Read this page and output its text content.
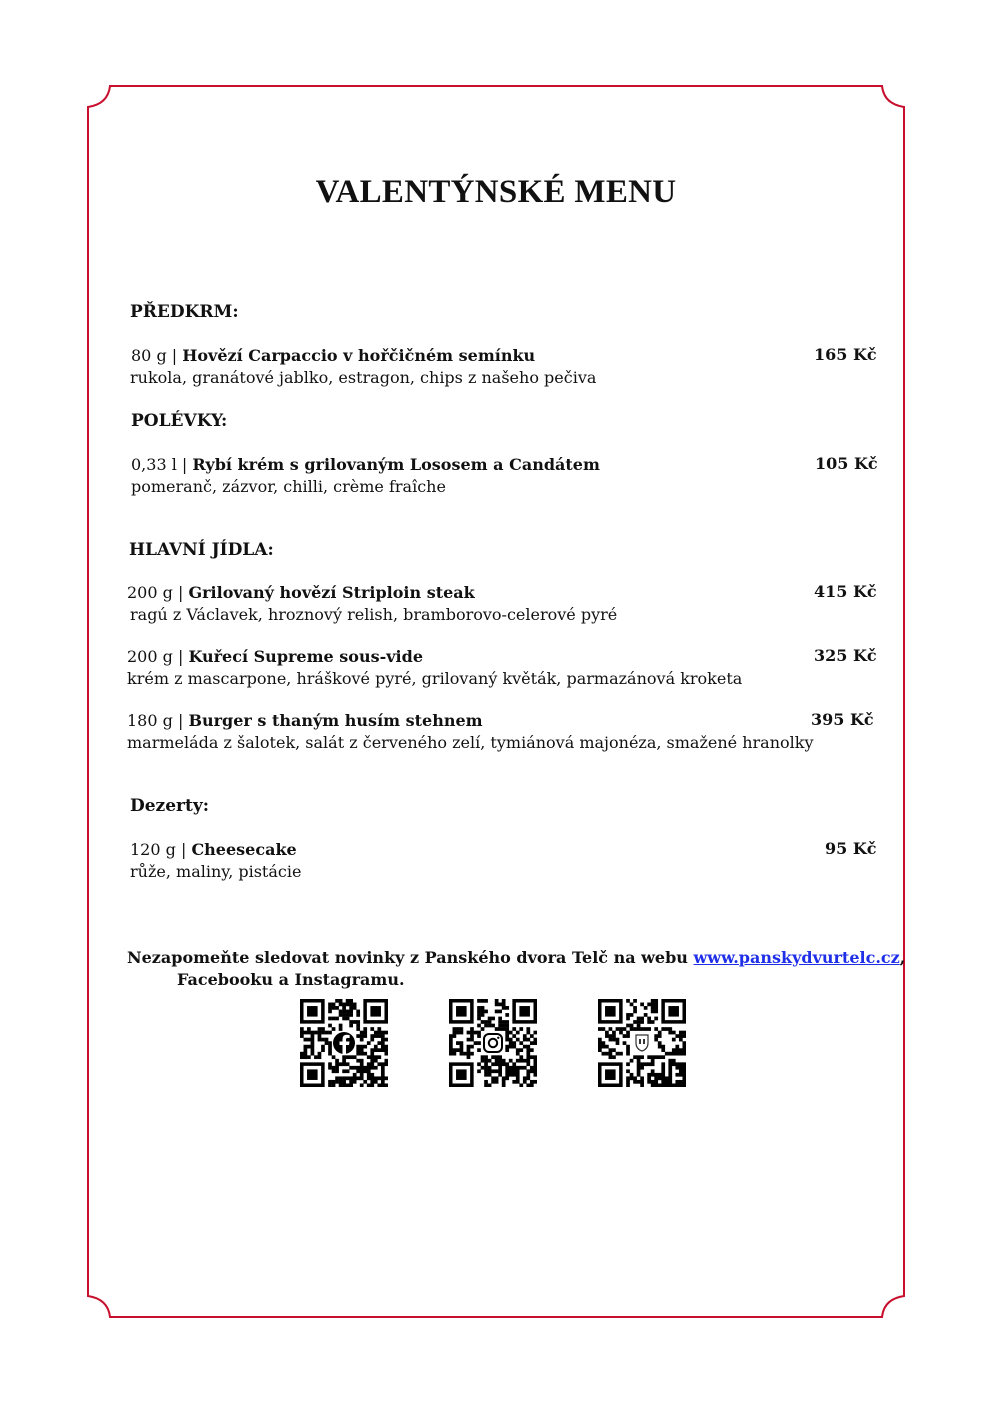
VALENTÝNSKÉ MENU
PŘEDKRM:
80 g | Hovězí Carpaccio v hořčičném semínku
rukola, granátové jablko, estragon, chips z našeho pečiva
165 Kč
POLÉVKY:
0,33 l | Rybí krém s grilovaným Lososem a Candátem
pomeranč, zázvor, chilli, crème fraîche
105 Kč
HLAVNÍ JÍDLA:
200 g | Grilovaný hovězí Striploin steak
ragú z Václavek, hroznový relish, bramborovo-celerové pyré
415 Kč
200 g | Kuřecí Supreme sous-vide
krém z mascarpone, hráškové pyré, grilovaný květák, parmazánová kroketa
325 Kč
180 g | Burger s thaným husím stehnem
marmeláda z šalotek, salát z červeného zelí, tymiánová majonéza, smažené hranolky
395 Kč
Dezerty:
120 g | Cheesecake
růže, maliny, pistácie
95 Kč
Nezapomeňte sledovat novinky z Panského dvora Telč na webu www.panskydvurtelc.cz,
Facebooku a Instagramu.
